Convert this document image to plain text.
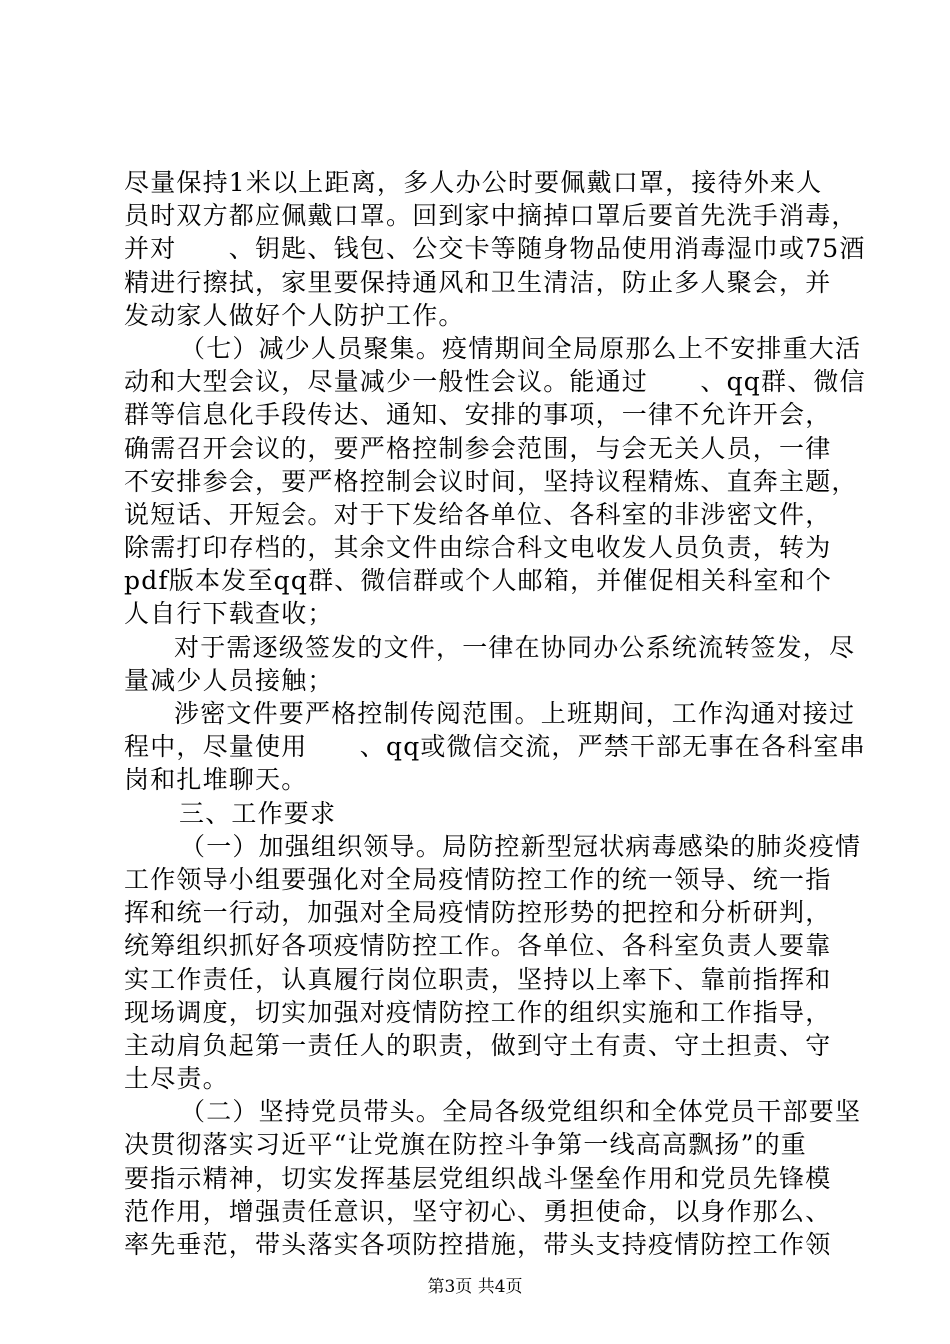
尽量保持1米以上距离，多人办公时要佩戴口罩，接待外来人
员时双方都应佩戴口罩。回到家中摘掉口罩后要首先洗手消毒，
并对　　、钥匙、钱包、公交卡等随身物品使用消毒湿巾或75酒
精进行擦拭，家里要保持通风和卫生清洁，防止多人聚会，并
发动家人做好个人防护工作。
（七）减少人员聚集。疫情期间全局原那么上不安排重大活
动和大型会议，尽量减少一般性会议。能通过　　、qq群、微信
群等信息化手段传达、通知、安排的事项，一律不允许开会，
确需召开会议的，要严格控制参会范围，与会无关人员，一律
不安排参会，要严格控制会议时间，坚持议程精炼、直奔主题，
说短话、开短会。对于下发给各单位、各科室的非涉密文件，
除需打印存档的，其余文件由综合科文电收发人员负责，转为
pdf版本发至qq群、微信群或个人邮箱，并催促相关科室和个
人自行下载查收；
对于需逐级签发的文件，一律在协同办公系统流转签发，尽
量减少人员接触；
涉密文件要严格控制传阅范围。上班期间，工作沟通对接过
程中，尽量使用　　、qq或微信交流，严禁干部无事在各科室串
岗和扎堆聊天。
三、工作要求
（一）加强组织领导。局防控新型冠状病毒感染的肺炎疫情
工作领导小组要强化对全局疫情防控工作的统一领导、统一指
挥和统一行动，加强对全局疫情防控形势的把控和分析研判，
统筹组织抓好各项疫情防控工作。各单位、各科室负责人要靠
实工作责任，认真履行岗位职责，坚持以上率下、靠前指挥和
现场调度，切实加强对疫情防控工作的组织实施和工作指导，
主动肩负起第一责任人的职责，做到守土有责、守土担责、守
土尽责。
（二）坚持党员带头。全局各级党组织和全体党员干部要坚
决贯彻落实习近平“让党旗在防控斗争第一线高高飘扬”的重
要指示精神，切实发挥基层党组织战斗堡垒作用和党员先锋模
范作用，增强责任意识，坚守初心、勇担使命，以身作那么、
率先垂范，带头落实各项防控措施，带头支持疫情防控工作领
第3页 共4页
